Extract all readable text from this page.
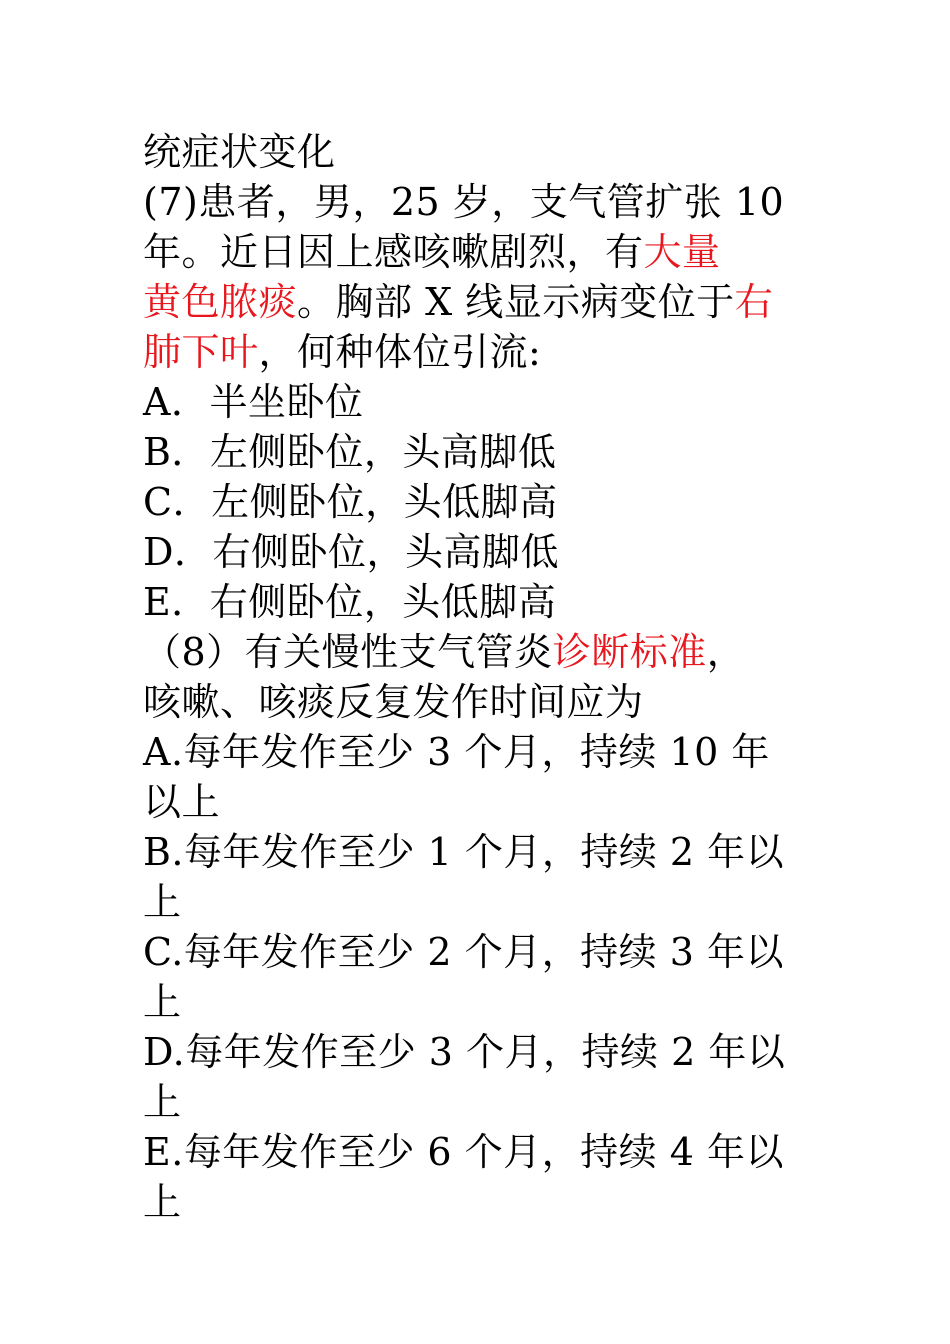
统症状变化
(7)患者，男，25 岁，支气管扩张 10
年。近日因上感咳嗽剧烈，有大量
黄色脓痰。胸部 X 线显示病变位于右
肺下叶，何种体位引流:
A．半坐卧位
B．左侧卧位，头高脚低
C．左侧卧位，头低脚高
D．右侧卧位，头高脚低
E．右侧卧位，头低脚高
（8）有关慢性支气管炎诊断标准，
咳嗽、咳痰反复发作时间应为
A.每年发作至少 3 个月，持续 10 年
以上
B.每年发作至少 1 个月，持续 2 年以
上
C.每年发作至少 2 个月，持续 3 年以
上
D.每年发作至少 3 个月，持续 2 年以
上
E.每年发作至少 6 个月，持续 4 年以
上
